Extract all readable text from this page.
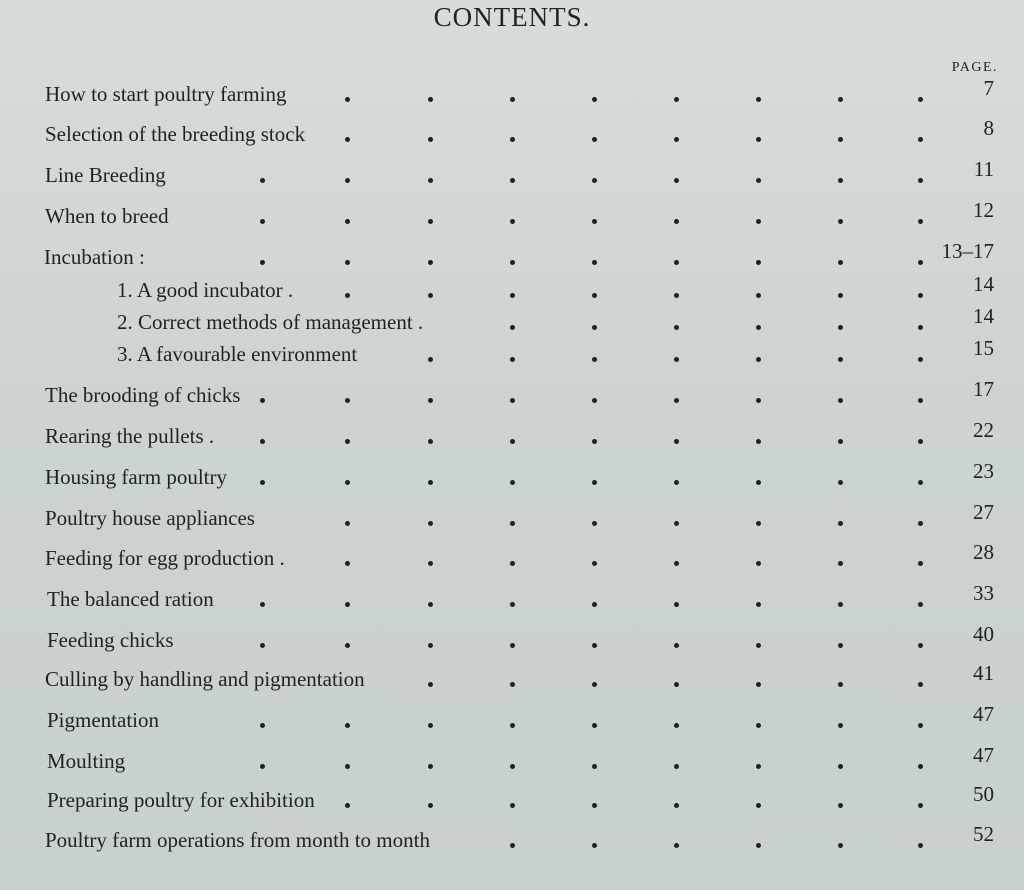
CONTENTS.
PAGE.
How to start poultry farming	7
Selection of the breeding stock	8
Line Breeding	11
When to breed	12
Incubation :	13–17
1. A good incubator .	14
2. Correct methods of management .	14
3. A favourable environment	15
The brooding of chicks	17
Rearing the pullets .	22
Housing farm poultry	23
Poultry house appliances	27
Feeding for egg production .	28
The balanced ration	33
Feeding chicks	40
Culling by handling and pigmentation	41
Pigmentation	47
Moulting	47
Preparing poultry for exhibition	50
Poultry farm operations from month to month	52
